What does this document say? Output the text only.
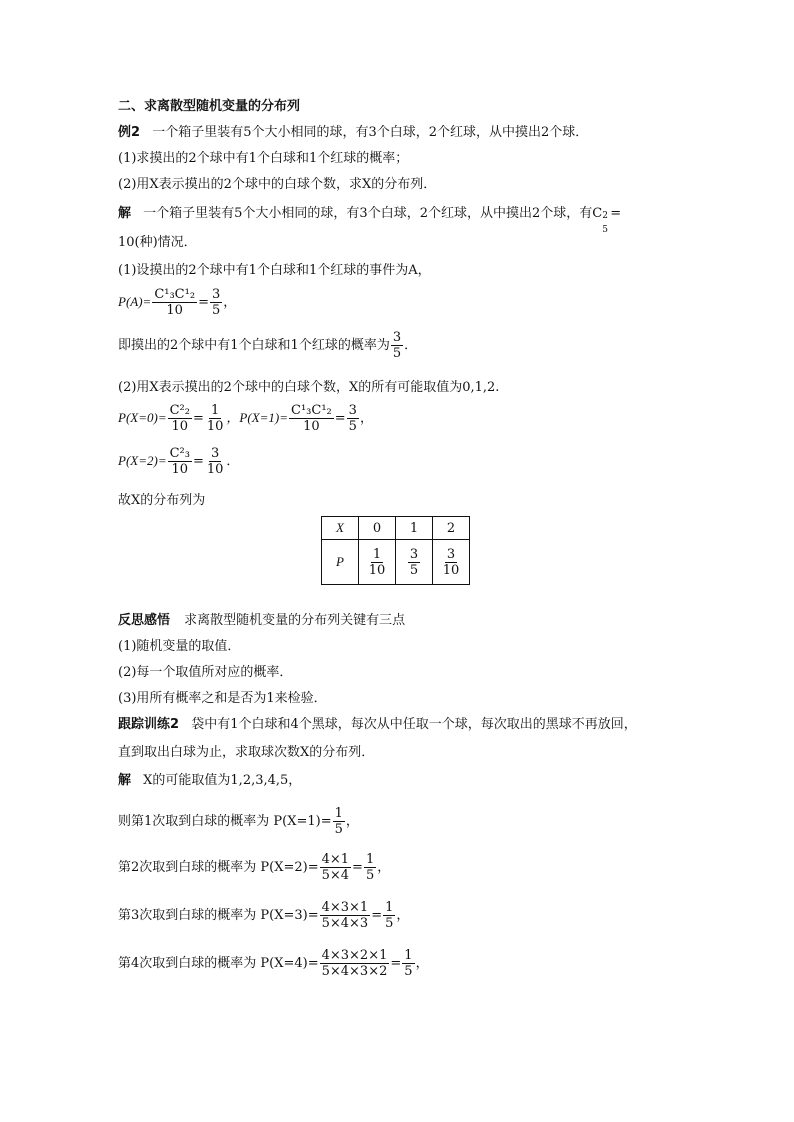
二、求离散型随机变量的分布列
例2 一个箱子里装有5个大小相同的球，有3个白球，2个红球，从中摸出2个球．
(1)求摸出的2个球中有1个白球和1个红球的概率；
(2)用X表示摸出的2个球中的白球个数，求X的分布列．
解 一个箱子里装有5个大小相同的球，有3个白球，2个红球，从中摸出2个球，有C 2
5
=
10(种)情况．
(1)设摸出的2个球中有1个白球和1个红球的事件为A，
$P(A)= \frac{\text{C¹₃C¹₂}}{10} = \frac{3}{5}$ ，
即摸出的2个球中有1个白球和1个红球的概率为 $\frac{3}{5}$ ．
(2)用X表示摸出的2个球中的白球个数，X的所有可能取值为0,1,2.
$P(X=0)= \frac{\text{C²₂}}{10} = \frac{1}{10}$ ，$P(X=1)= \frac{\text{C¹₃C¹₂}}{10} = \frac{3}{5}$ ，
$P(X=2)= \frac{\text{C²₃}}{10} = \frac{3}{10}$ ．
故X的分布列为
X	0	1	2
P	$\frac{1}{10}$	$\frac{3}{5}$	$\frac{3}{10}$
反思感悟 求离散型随机变量的分布列关键有三点
(1)随机变量的取值．
(2)每一个取值所对应的概率．
(3)用所有概率之和是否为1来检验．
跟踪训练2 袋中有1个白球和4个黑球，每次从中任取一个球，每次取出的黑球不再放回，
直到取出白球为止，求取球次数X的分布列．
解 X的可能取值为1,2,3,4,5，
则第1次取到白球的概率为 $P(X=1)= \frac{1}{5}$ ，
第2次取到白球的概率为 $P(X=2)= \frac{4\times 1}{5\times 4} = \frac{1}{5}$ ，
第3次取到白球的概率为 $P(X=3)= \frac{4\times 3\times 1}{5\times 4\times 3} = \frac{1}{5}$ ，
第4次取到白球的概率为 $P(X=4)= \frac{4\times 3\times 2\times 1}{5\times 4\times 3\times 2} = \frac{1}{5}$ ，
